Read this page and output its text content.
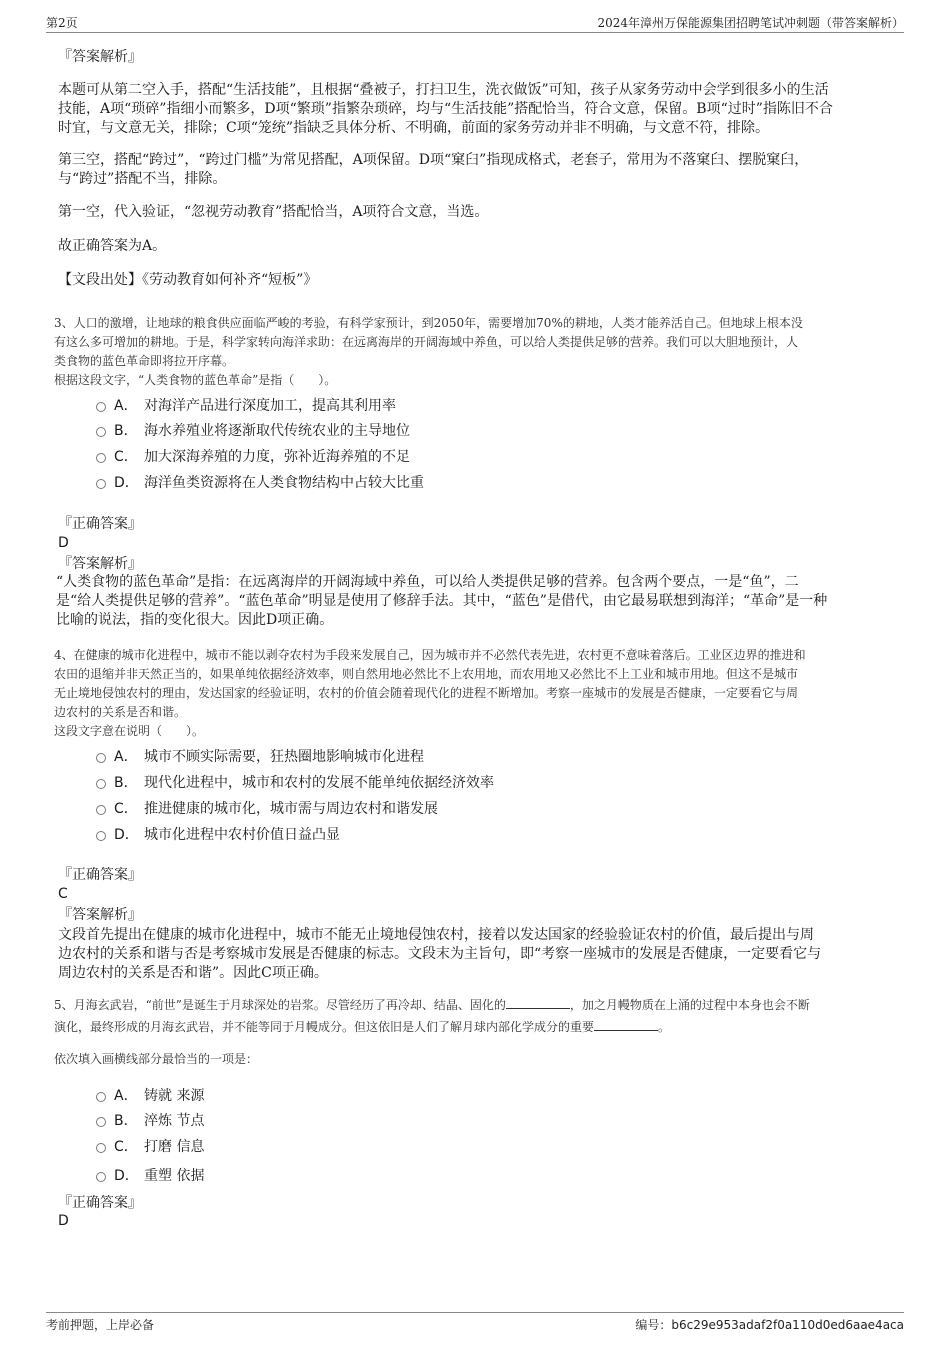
第2页	2024年漳州万保能源集团招聘笔试冲刺题（带答案解析）
『答案解析』
本题可从第二空入手，搭配“生活技能”，且根据“叠被子，打扫卫生，洗衣做饭”可知，孩子从家务劳动中会学到很多小的生活
技能，A项“琐碎”指细小而繁多，D项“繁琐”指繁杂琐碎，均与“生活技能”搭配恰当，符合文意，保留。B项“过时”指陈旧不合
时宜，与文意无关，排除；C项“笼统”指缺乏具体分析、不明确，前面的家务劳动并非不明确，与文意不符，排除。
第三空，搭配“跨过”，“跨过门槛”为常见搭配，A项保留。D项“窠臼”指现成格式，老套子，常用为不落窠臼、摆脱窠臼，
与“跨过”搭配不当，排除。
第一空，代入验证，“忽视劳动教育”搭配恰当，A项符合文意，当选。
故正确答案为A。
【文段出处】《劳动教育如何补齐“短板”》
3、人口的激增，让地球的粮食供应面临严峻的考验，有科学家预计，到2050年，需要增加70%的耕地，人类才能养活自己。但地球上根本没
有这么多可增加的耕地。于是，科学家转向海洋求助：在远离海岸的开阔海域中养鱼，可以给人类提供足够的营养。我们可以大胆地预计，人
类食物的蓝色革命即将拉开序幕。
根据这段文字，“人类食物的蓝色革命”是指（　　）。
A． 对海洋产品进行深度加工，提高其利用率
B． 海水养殖业将逐渐取代传统农业的主导地位
C． 加大深海养殖的力度，弥补近海养殖的不足
D． 海洋鱼类资源将在人类食物结构中占较大比重
『正确答案』
D
『答案解析』
“人类食物的蓝色革命”是指：在远离海岸的开阔海域中养鱼，可以给人类提供足够的营养。包含两个要点，一是“鱼”，二
是“给人类提供足够的营养”。“蓝色革命”明显是使用了修辞手法。其中，“蓝色”是借代，由它最易联想到海洋；“革命”是一种
比喻的说法，指的变化很大。因此D项正确。
4、在健康的城市化进程中，城市不能以剥夺农村为手段来发展自己，因为城市并不必然代表先进，农村更不意味着落后。工业区边界的推进和
农田的退缩并非天然正当的，如果单纯依据经济效率，则自然用地必然比不上农用地，而农用地又必然比不上工业和城市用地。但这不是城市
无止境地侵蚀农村的理由，发达国家的经验证明，农村的价值会随着现代化的进程不断增加。考察一座城市的发展是否健康，一定要看它与周
边农村的关系是否和谐。
这段文字意在说明（　　）。
A． 城市不顾实际需要，狂热圈地影响城市化进程
B． 现代化进程中，城市和农村的发展不能单纯依据经济效率
C． 推进健康的城市化，城市需与周边农村和谐发展
D． 城市化进程中农村价值日益凸显
『正确答案』
C
『答案解析』
文段首先提出在健康的城市化进程中，城市不能无止境地侵蚀农村，接着以发达国家的经验验证农村的价值，最后提出与周
边农村的关系和谐与否是考察城市发展是否健康的标志。文段末为主旨句，即“考察一座城市的发展是否健康，一定要看它与
周边农村的关系是否和谐”。因此C项正确。
5、月海玄武岩，“前世”是诞生于月球深处的岩浆。尽管经历了再冷却、结晶、固化的	，加之月幔物质在上涌的过程中本身也会不断
演化，最终形成的月海玄武岩，并不能等同于月幔成分。但这依旧是人们了解月球内部化学成分的重要	。
依次填入画横线部分最恰当的一项是：
A． 铸就 来源
B． 淬炼 节点
C． 打磨 信息
D． 重塑 依据
『正确答案』
D
考前押题，上岸必备	编号：b6c29e953adaf2f0a110d0ed6aae4aca
